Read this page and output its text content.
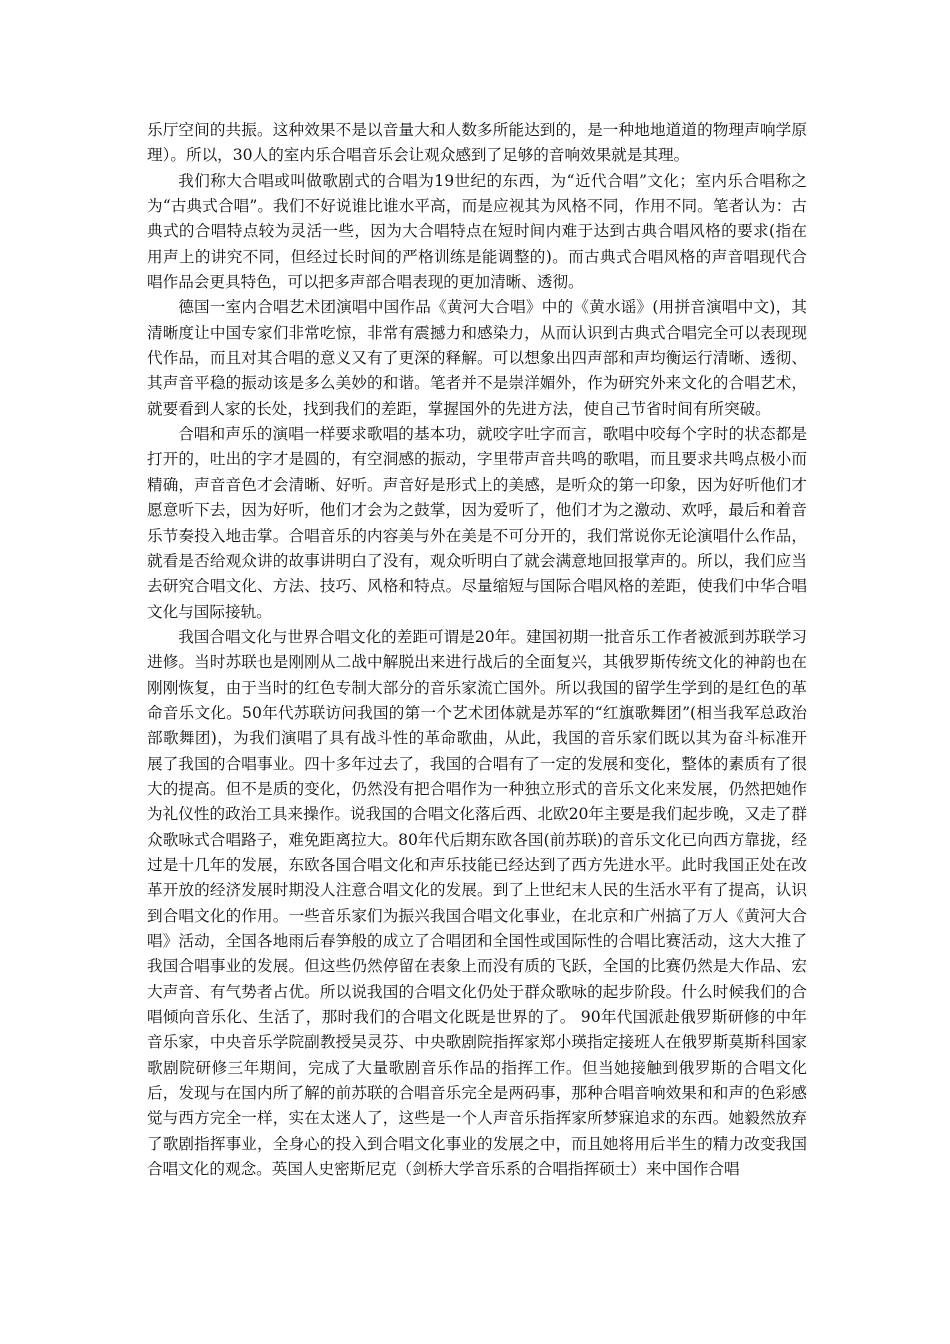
乐厅空间的共振。这种效果不是以音量大和人数多所能达到的，是一种地地道道的物理声响学原理）。所以，30人的室内乐合唱音乐会让观众感到了足够的音响效果就是其理。

我们称大合唱或叫做歌剧式的合唱为19世纪的东西，为“近代合唱”文化；室内乐合唱称之为“古典式合唱”。我们不好说谁比谁水平高，而是应视其为风格不同，作用不同。笔者认为：古典式的合唱特点较为灵活一些，因为大合唱特点在短时间内难于达到古典合唱风格的要求(指在用声上的讲究不同，但经过长时间的严格训练是能调整的)。而古典式合唱风格的声音唱现代合唱作品会更具特色，可以把多声部合唱表现的更加清晰、透彻。

德国一室内合唱艺术团演唱中国作品《黄河大合唱》中的《黄水谣》(用拼音演唱中文)，其清晰度让中国专家们非常吃惊，非常有震撼力和感染力，从而认识到古典式合唱完全可以表现现代作品，而且对其合唱的意义又有了更深的释解。可以想象出四声部和声均衡运行清晰、透彻、其声音平稳的振动该是多么美妙的和谐。笔者并不是崇洋媚外，作为研究外来文化的合唱艺术，就要看到人家的长处，找到我们的差距，掌握国外的先进方法，使自己节省时间有所突破。

合唱和声乐的演唱一样要求歌唱的基本功，就咬字吐字而言，歌唱中咬每个字时的状态都是打开的，吐出的字才是圆的，有空洞感的振动，字里带声音共鸣的歌唱，而且要求共鸣点极小而精确，声音音色才会清晰、好听。声音好是形式上的美感，是听众的第一印象，因为好听他们才愿意听下去，因为好听，他们才会为之鼓掌，因为爱听了，他们才为之激动、欢呼，最后和着音乐节奏投入地击掌。合唱音乐的内容美与外在美是不可分开的，我们常说你无论演唱什么作品，就看是否给观众讲的故事讲明白了没有，观众听明白了就会满意地回报掌声的。所以，我们应当去研究合唱文化、方法、技巧、风格和特点。尽量缩短与国际合唱风格的差距，使我们中华合唱文化与国际接轨。

我国合唱文化与世界合唱文化的差距可谓是20年。建国初期一批音乐工作者被派到苏联学习进修。当时苏联也是刚刚从二战中解脱出来进行战后的全面复兴，其俄罗斯传统文化的神韵也在刚刚恢复，由于当时的红色专制大部分的音乐家流亡国外。所以我国的留学生学到的是红色的革命音乐文化。50年代苏联访问我国的第一个艺术团体就是苏军的“红旗歌舞团”(相当我军总政治部歌舞团)，为我们演唱了具有战斗性的革命歌曲，从此，我国的音乐家们既以其为奋斗标准开展了我国的合唱事业。四十多年过去了，我国的合唱有了一定的发展和变化，整体的素质有了很大的提高。但不是质的变化，仍然没有把合唱作为一种独立形式的音乐文化来发展，仍然把她作为礼仪性的政治工具来操作。说我国的合唱文化落后西、北欧20年主要是我们起步晚，又走了群众歌咏式合唱路子，难免距离拉大。80年代后期东欧各国(前苏联)的音乐文化已向西方靠拢，经过是十几年的发展，东欧各国合唱文化和声乐技能已经达到了西方先进水平。此时我国正处在改革开放的经济发展时期没人注意合唱文化的发展。到了上世纪末人民的生活水平有了提高，认识到合唱文化的作用。一些音乐家们为振兴我国合唱文化事业，在北京和广州搞了万人《黄河大合唱》活动，全国各地雨后春笋般的成立了合唱团和全国性或国际性的合唱比赛活动，这大大推了我国合唱事业的发展。但这些仍然停留在表象上而没有质的飞跃，全国的比赛仍然是大作品、宏大声音、有气势者占优。所以说我国的合唱文化仍处于群众歌咏的起步阶段。什么时候我们的合唱倾向音乐化、生活了，那时我们的合唱文化既是世界的了。 90年代国派赴俄罗斯研修的中年音乐家，中央音乐学院副教授吴灵芬、中央歌剧院指挥家郑小瑛指定接班人在俄罗斯莫斯科国家歌剧院研修三年期间，完成了大量歌剧音乐作品的指挥工作。但当她接触到俄罗斯的合唱文化后，发现与在国内所了解的前苏联的合唱音乐完全是两码事，那种合唱音响效果和和声的色彩感觉与西方完全一样，实在太迷人了，这些是一个人声音乐指挥家所梦寐追求的东西。她毅然放弃了歌剧指挥事业，全身心的投入到合唱文化事业的发展之中，而且她将用后半生的精力改变我国合唱文化的观念。英国人史密斯尼克（剑桥大学音乐系的合唱指挥硕士）来中国作合唱
